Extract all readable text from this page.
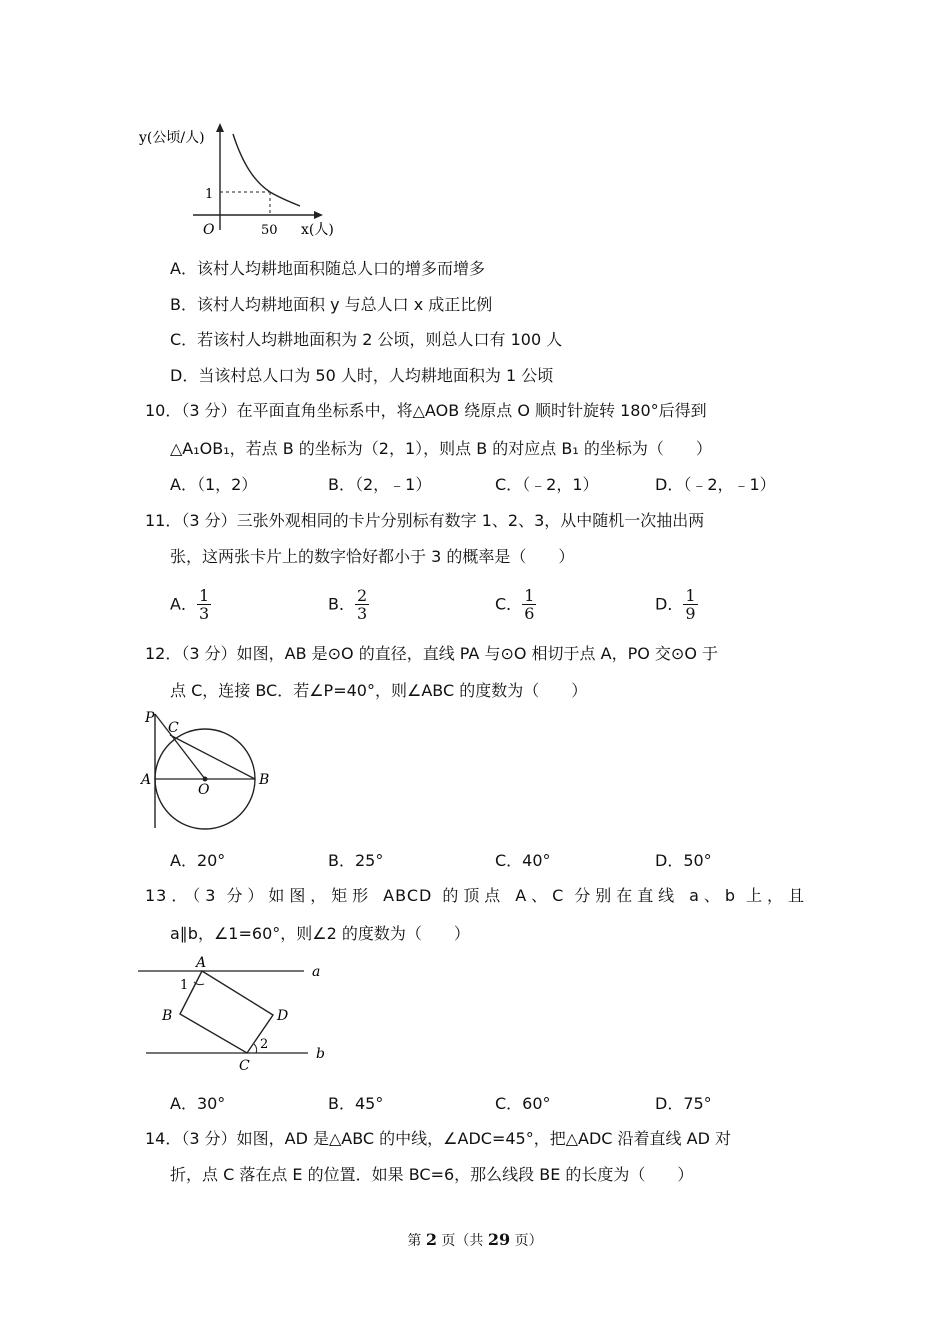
y(公顷/人)
1
O	50 x(人)
A．该村人均耕地面积随总人口的增多而增多
B．该村人均耕地面积 y 与总人口 x 成正比例
C．若该村人均耕地面积为 2 公顷，则总人口有 100 人
D．当该村总人口为 50 人时，人均耕地面积为 1 公顷
10．（3 分）在平面直角坐标系中，将△AOB 绕原点 O 顺时针旋转 180°后得到
△A₁OB₁，若点 B 的坐标为（2，1），则点 B 的对应点 B₁ 的坐标为（　　）
A．（1，2）	B．（2，﹣1）	C．（﹣2，1）	D．（﹣2，﹣1）
11．（3 分）三张外观相同的卡片分别标有数字 1、2、3，从中随机一次抽出两
张，这两张卡片上的数字恰好都小于 3 的概率是（　　）
A． $\frac{1}{3}$	B． $\frac{2}{3}$	C． $\frac{1}{6}$	D． $\frac{1}{9}$
12．（3 分）如图，AB 是⊙O 的直径，直线 PA 与⊙O 相切于点 A，PO 交⊙O 于
点 C，连接 BC．若∠P=40°，则∠ABC 的度数为（　　）
P
C
A
O
B
A．20°	B．25°	C．40°	D．50°
13．（3 分）如图，矩形 ABCD 的顶点 A、C 分别在直线 a、b 上，且
a∥b，∠1=60°，则∠2 的度数为（　　）
A
1
B	D
2
C
a
b
A．30°	B．45°	C．60°	D．75°
14．（3 分）如图，AD 是△ABC 的中线，∠ADC=45°，把△ADC 沿着直线 AD 对
折，点 C 落在点 E 的位置．如果 BC=6，那么线段 BE 的长度为（　　）
第 2 页（共 29 页）
